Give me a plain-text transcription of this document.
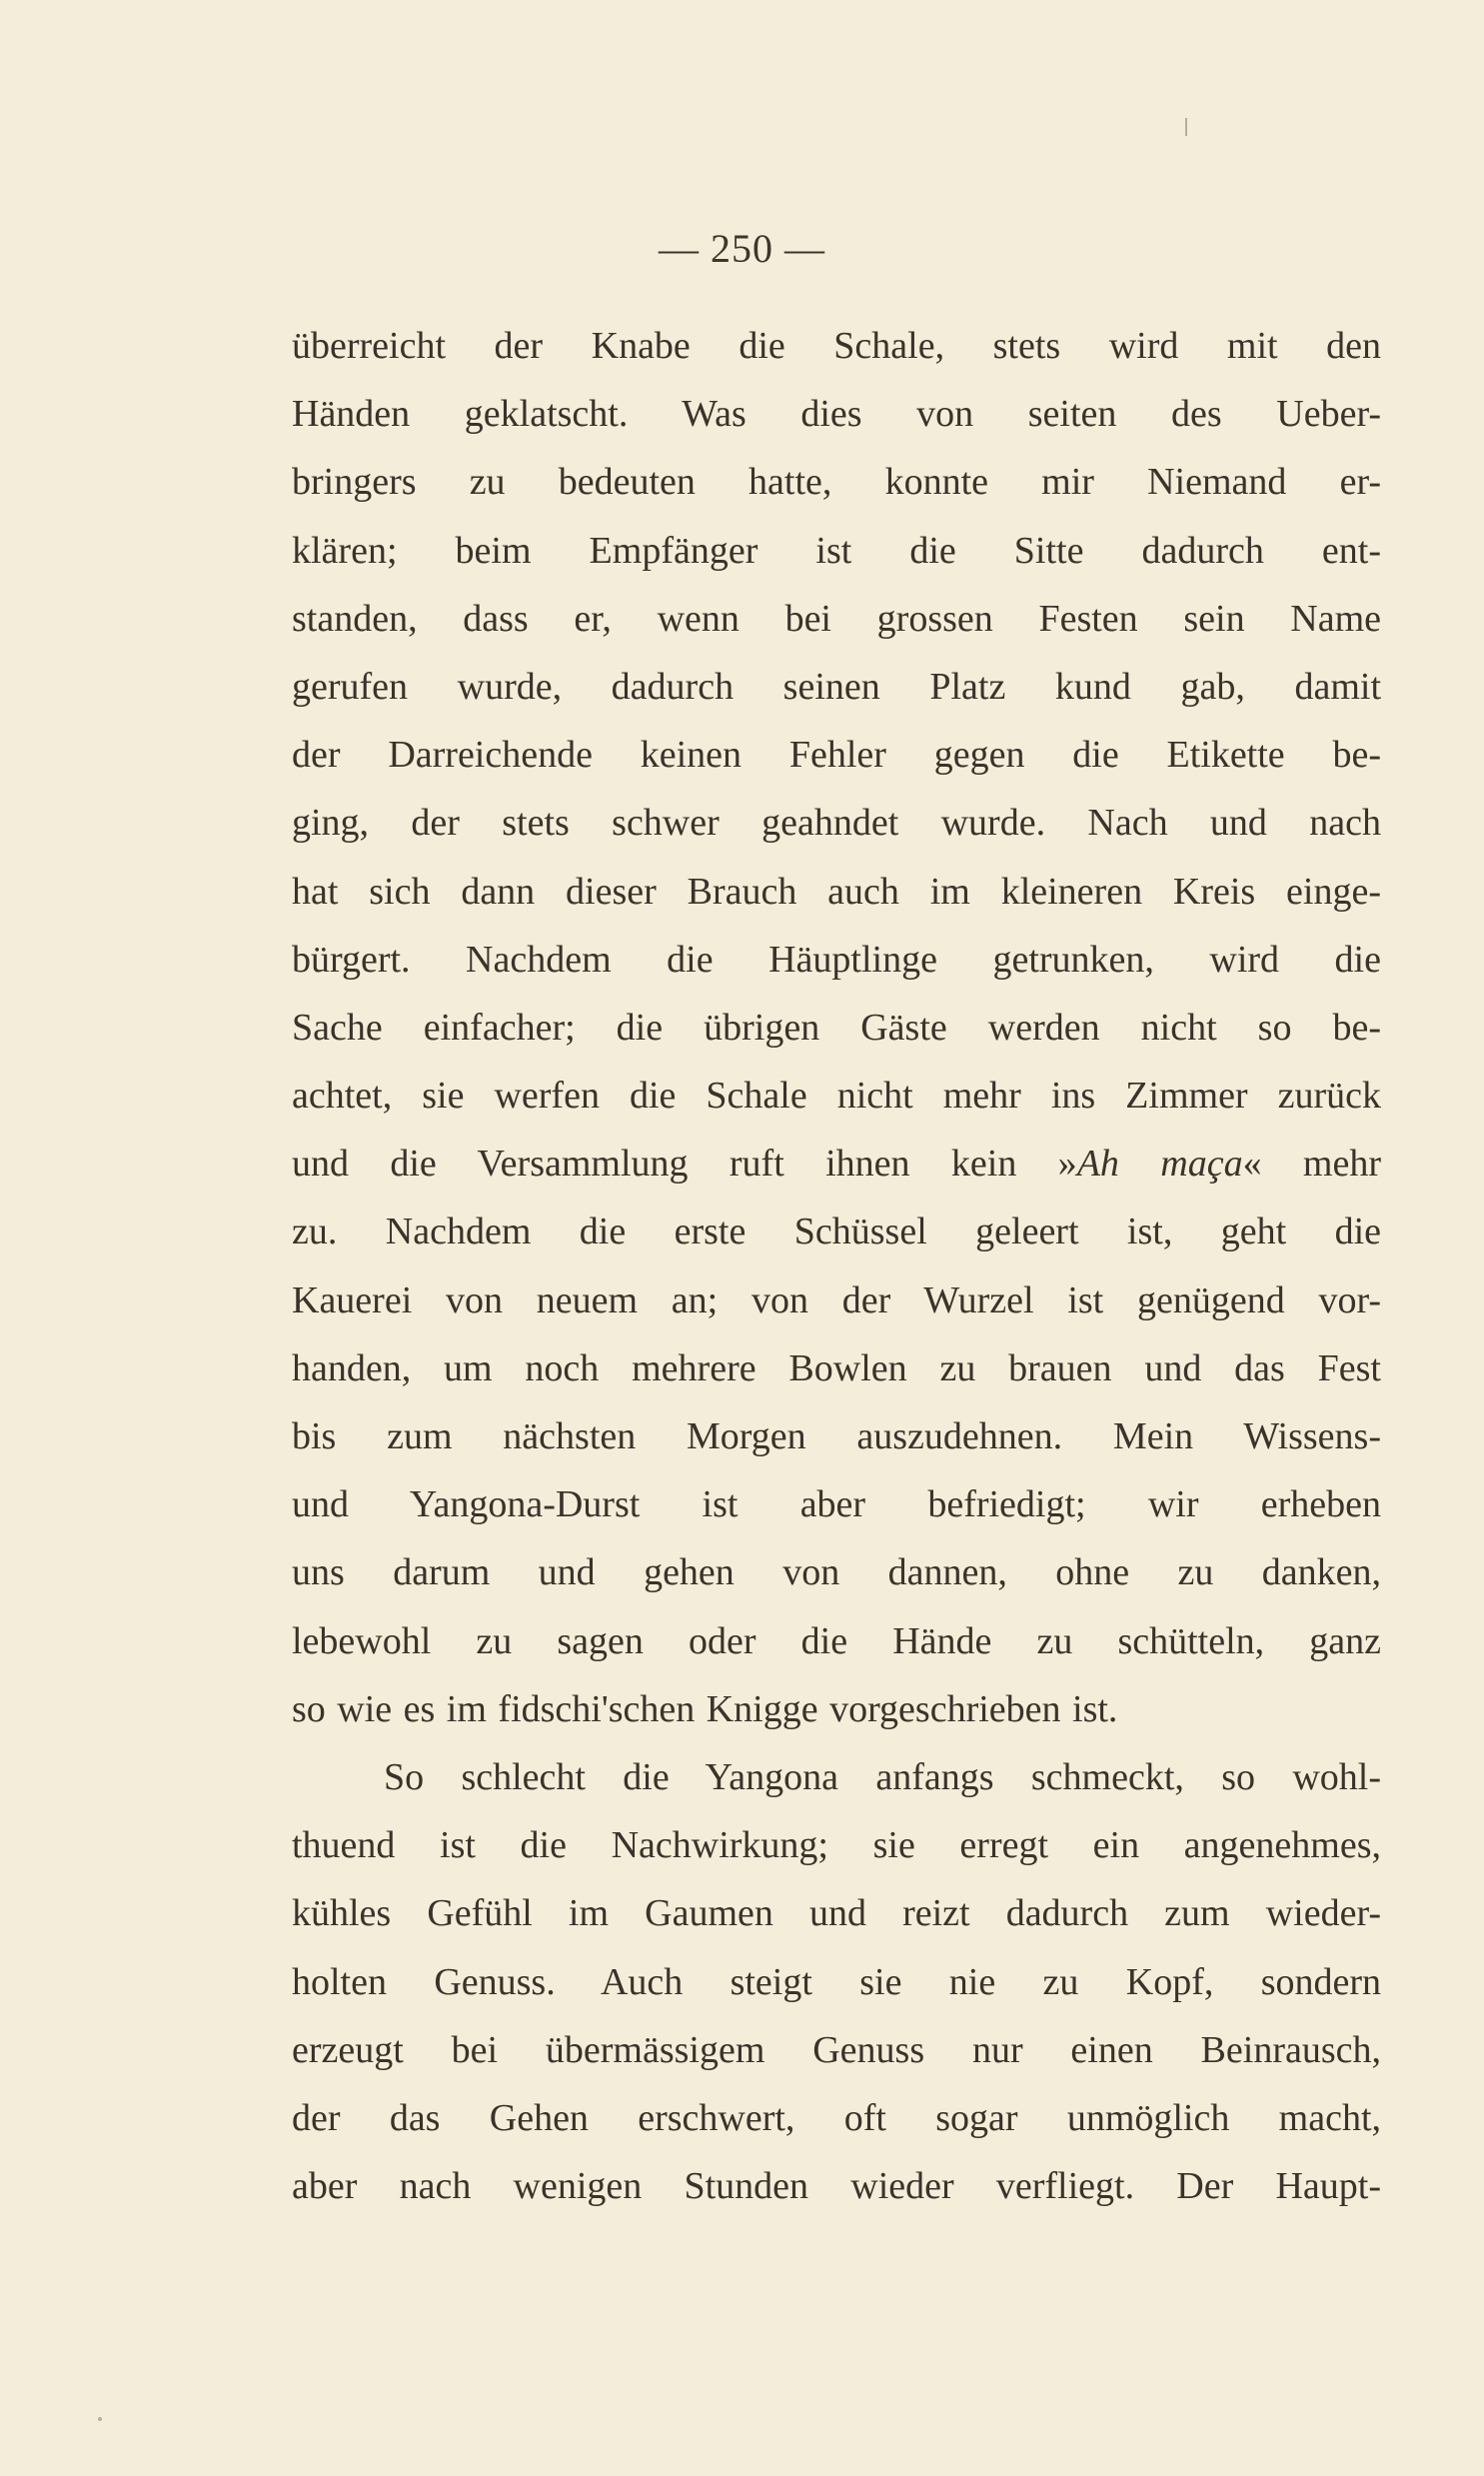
— 250 —
überreicht der Knabe die Schale, stets wird mit den
Händen geklatscht. Was dies von seiten des Ueber-
bringers zu bedeuten hatte, konnte mir Niemand er-
klären; beim Empfänger ist die Sitte dadurch ent-
standen, dass er, wenn bei grossen Festen sein Name
gerufen wurde, dadurch seinen Platz kund gab, damit
der Darreichende keinen Fehler gegen die Etikette be-
ging, der stets schwer geahndet wurde. Nach und nach
hat sich dann dieser Brauch auch im kleineren Kreis einge-
bürgert. Nachdem die Häuptlinge getrunken, wird die
Sache einfacher; die übrigen Gäste werden nicht so be-
achtet, sie werfen die Schale nicht mehr ins Zimmer zurück
und die Versammlung ruft ihnen kein »Ah maça« mehr
zu. Nachdem die erste Schüssel geleert ist, geht die
Kauerei von neuem an; von der Wurzel ist genügend vor-
handen, um noch mehrere Bowlen zu brauen und das Fest
bis zum nächsten Morgen auszudehnen. Mein Wissens-
und Yangona-Durst ist aber befriedigt; wir erheben
uns darum und gehen von dannen, ohne zu danken,
lebewohl zu sagen oder die Hände zu schütteln, ganz
so wie es im fidschi'schen Knigge vorgeschrieben ist.
So schlecht die Yangona anfangs schmeckt, so wohl-
thuend ist die Nachwirkung; sie erregt ein angenehmes,
kühles Gefühl im Gaumen und reizt dadurch zum wieder-
holten Genuss. Auch steigt sie nie zu Kopf, sondern
erzeugt bei übermässigem Genuss nur einen Beinrausch,
der das Gehen erschwert, oft sogar unmöglich macht,
aber nach wenigen Stunden wieder verfliegt. Der Haupt-
